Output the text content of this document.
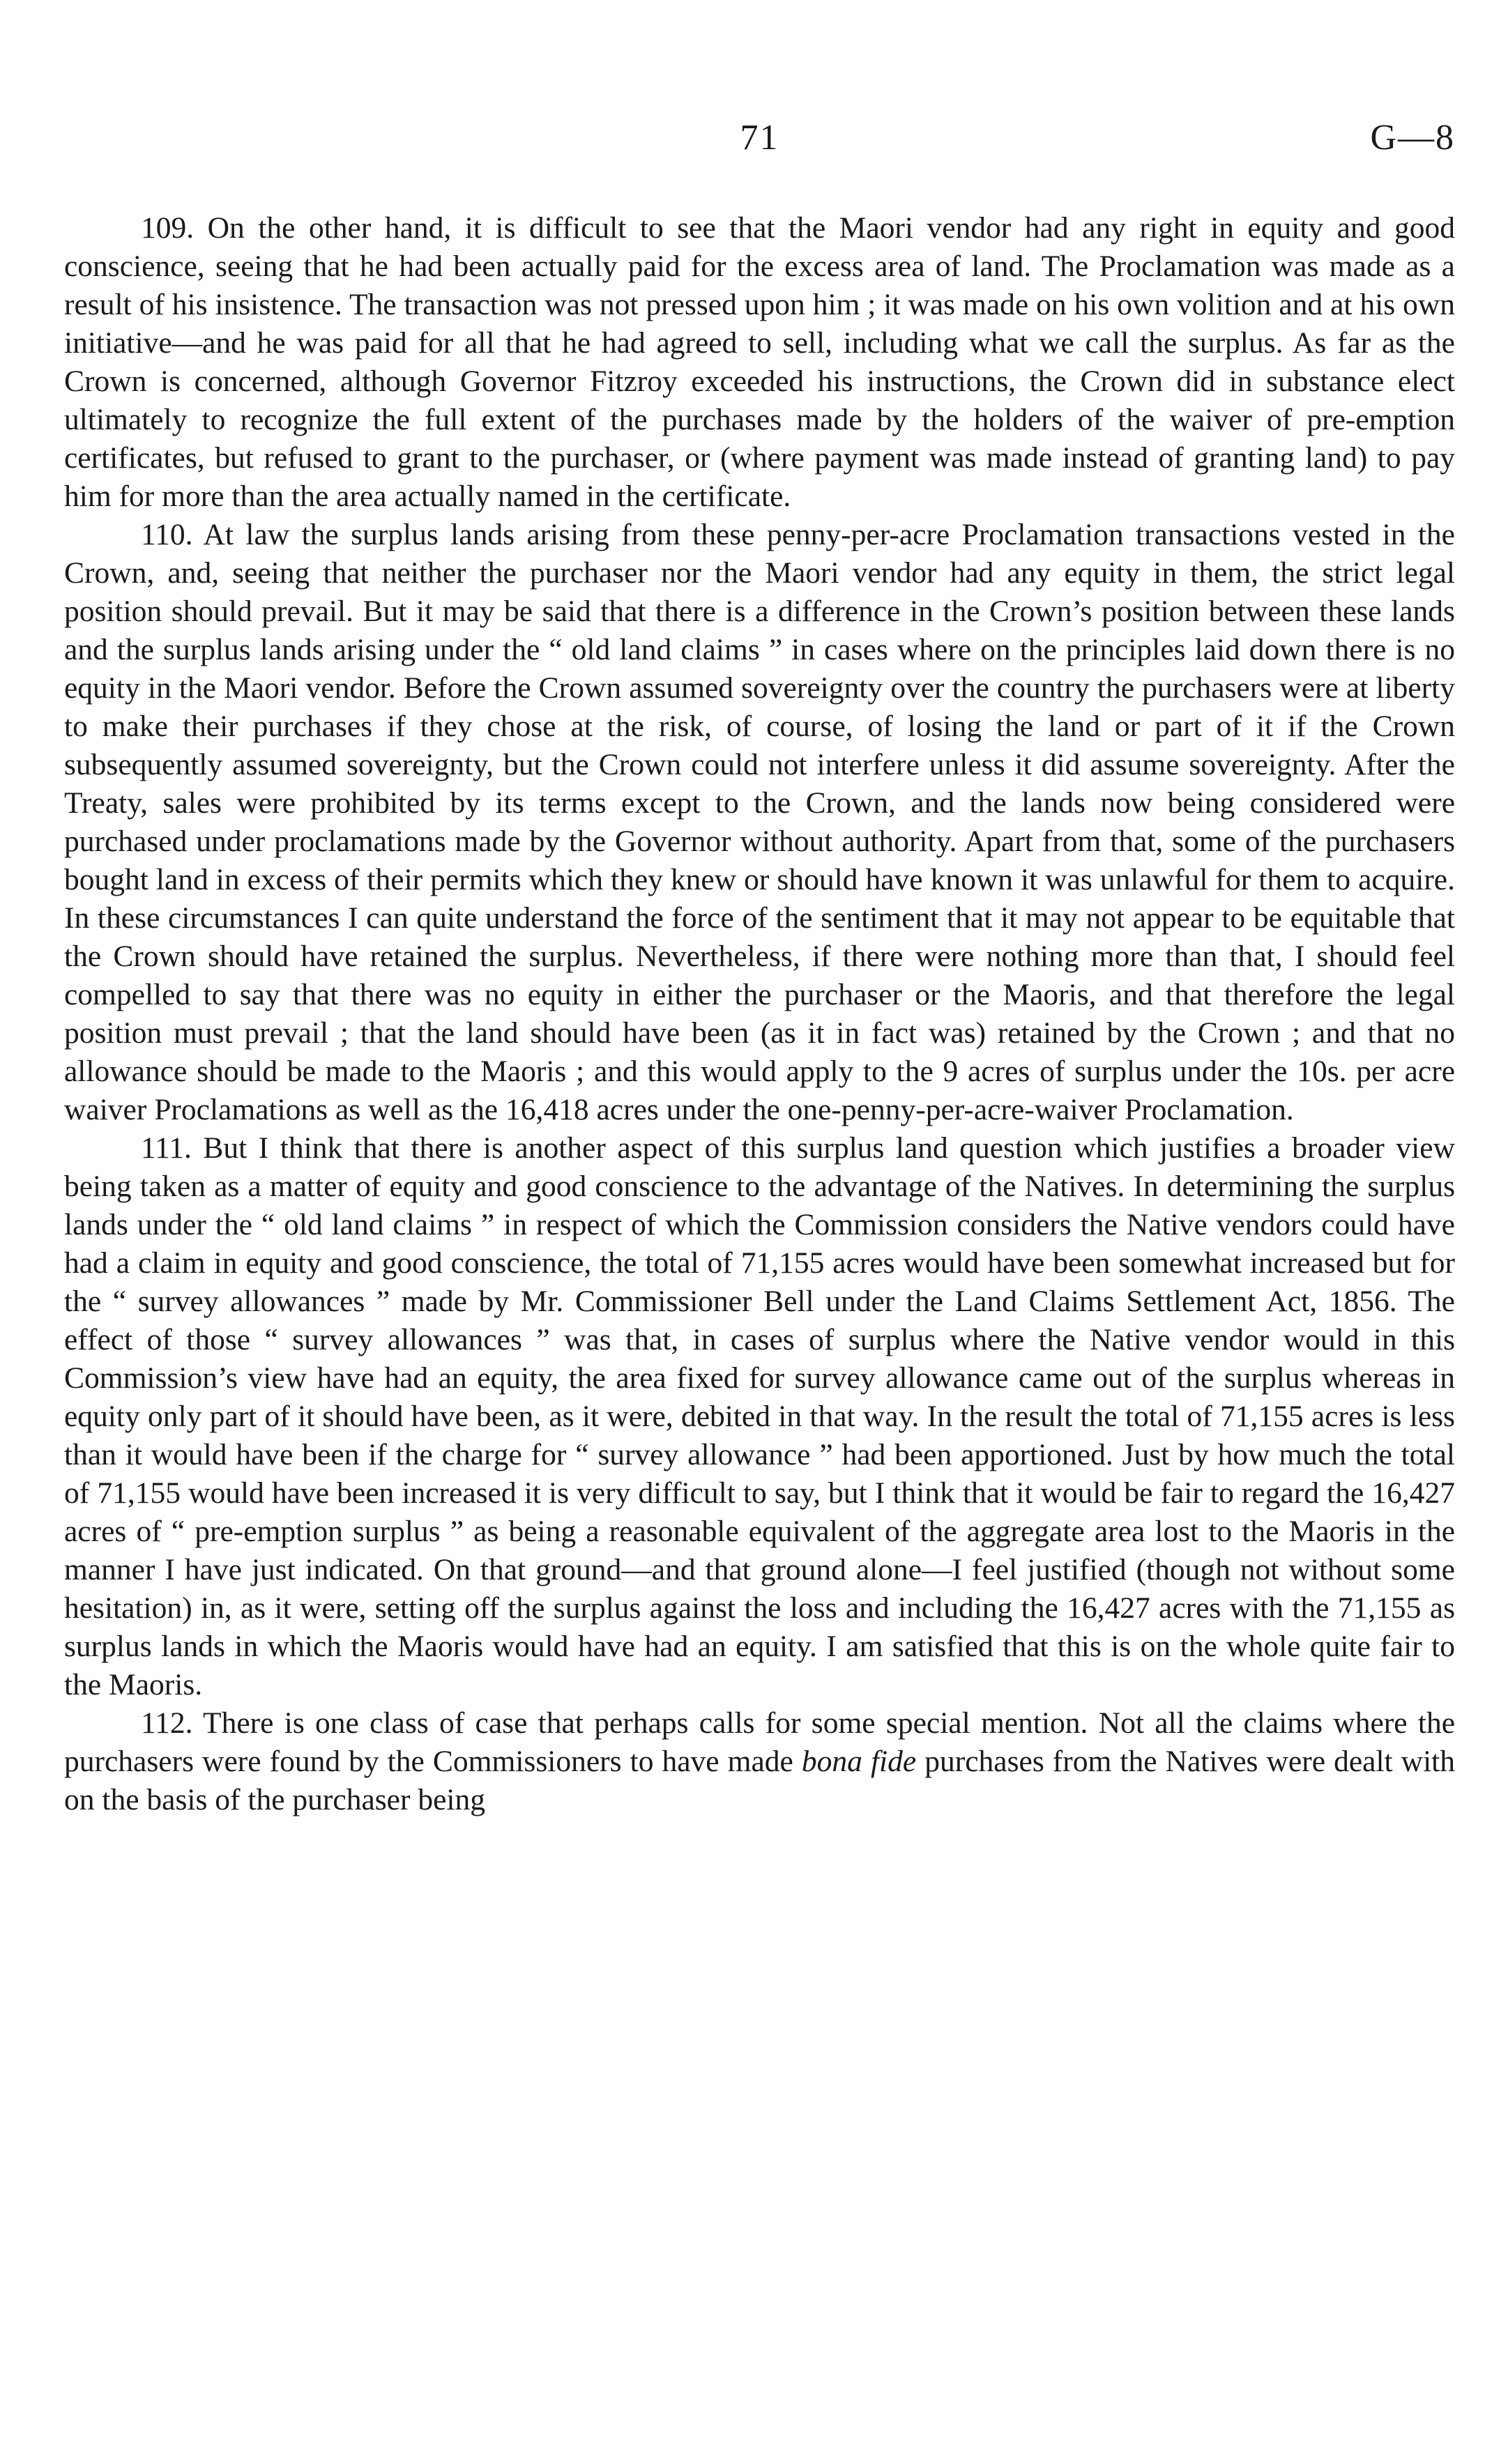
71	G—8

109. On the other hand, it is difficult to see that the Maori vendor had any right in equity and good conscience, seeing that he had been actually paid for the excess area of land. The Proclamation was made as a result of his insistence. The transaction was not pressed upon him ; it was made on his own volition and at his own initiative—and he was paid for all that he had agreed to sell, including what we call the surplus. As far as the Crown is concerned, although Governor Fitzroy exceeded his instructions, the Crown did in substance elect ultimately to recognize the full extent of the purchases made by the holders of the waiver of pre-emption certificates, but refused to grant to the purchaser, or (where payment was made instead of granting land) to pay him for more than the area actually named in the certificate.

110. At law the surplus lands arising from these penny-per-acre Proclamation transactions vested in the Crown, and, seeing that neither the purchaser nor the Maori vendor had any equity in them, the strict legal position should prevail. But it may be said that there is a difference in the Crown’s position between these lands and the surplus lands arising under the “ old land claims ” in cases where on the principles laid down there is no equity in the Maori vendor. Before the Crown assumed sovereignty over the country the purchasers were at liberty to make their purchases if they chose at the risk, of course, of losing the land or part of it if the Crown subsequently assumed sovereignty, but the Crown could not interfere unless it did assume sovereignty. After the Treaty, sales were prohibited by its terms except to the Crown, and the lands now being considered were purchased under proclamations made by the Governor without authority. Apart from that, some of the purchasers bought land in excess of their permits which they knew or should have known it was unlawful for them to acquire. In these circumstances I can quite understand the force of the sentiment that it may not appear to be equitable that the Crown should have retained the surplus. Nevertheless, if there were nothing more than that, I should feel compelled to say that there was no equity in either the purchaser or the Maoris, and that therefore the legal position must prevail ; that the land should have been (as it in fact was) retained by the Crown ; and that no allowance should be made to the Maoris ; and this would apply to the 9 acres of surplus under the 10s. per acre waiver Proclamations as well as the 16,418 acres under the one-penny-per-acre-waiver Proclamation.

111. But I think that there is another aspect of this surplus land question which justifies a broader view being taken as a matter of equity and good conscience to the advantage of the Natives. In determining the surplus lands under the “ old land claims ” in respect of which the Commission considers the Native vendors could have had a claim in equity and good conscience, the total of 71,155 acres would have been somewhat increased but for the “ survey allowances ” made by Mr. Commissioner Bell under the Land Claims Settlement Act, 1856. The effect of those “ survey allowances ” was that, in cases of surplus where the Native vendor would in this Commission’s view have had an equity, the area fixed for survey allowance came out of the surplus whereas in equity only part of it should have been, as it were, debited in that way. In the result the total of 71,155 acres is less than it would have been if the charge for “ survey allowance ” had been apportioned. Just by how much the total of 71,155 would have been increased it is very difficult to say, but I think that it would be fair to regard the 16,427 acres of “ pre-emption surplus ” as being a reasonable equivalent of the aggregate area lost to the Maoris in the manner I have just indicated. On that ground—and that ground alone—I feel justified (though not without some hesitation) in, as it were, setting off the surplus against the loss and including the 16,427 acres with the 71,155 as surplus lands in which the Maoris would have had an equity. I am satisfied that this is on the whole quite fair to the Maoris.

112. There is one class of case that perhaps calls for some special mention. Not all the claims where the purchasers were found by the Commissioners to have made bona fide purchases from the Natives were dealt with on the basis of the purchaser being
